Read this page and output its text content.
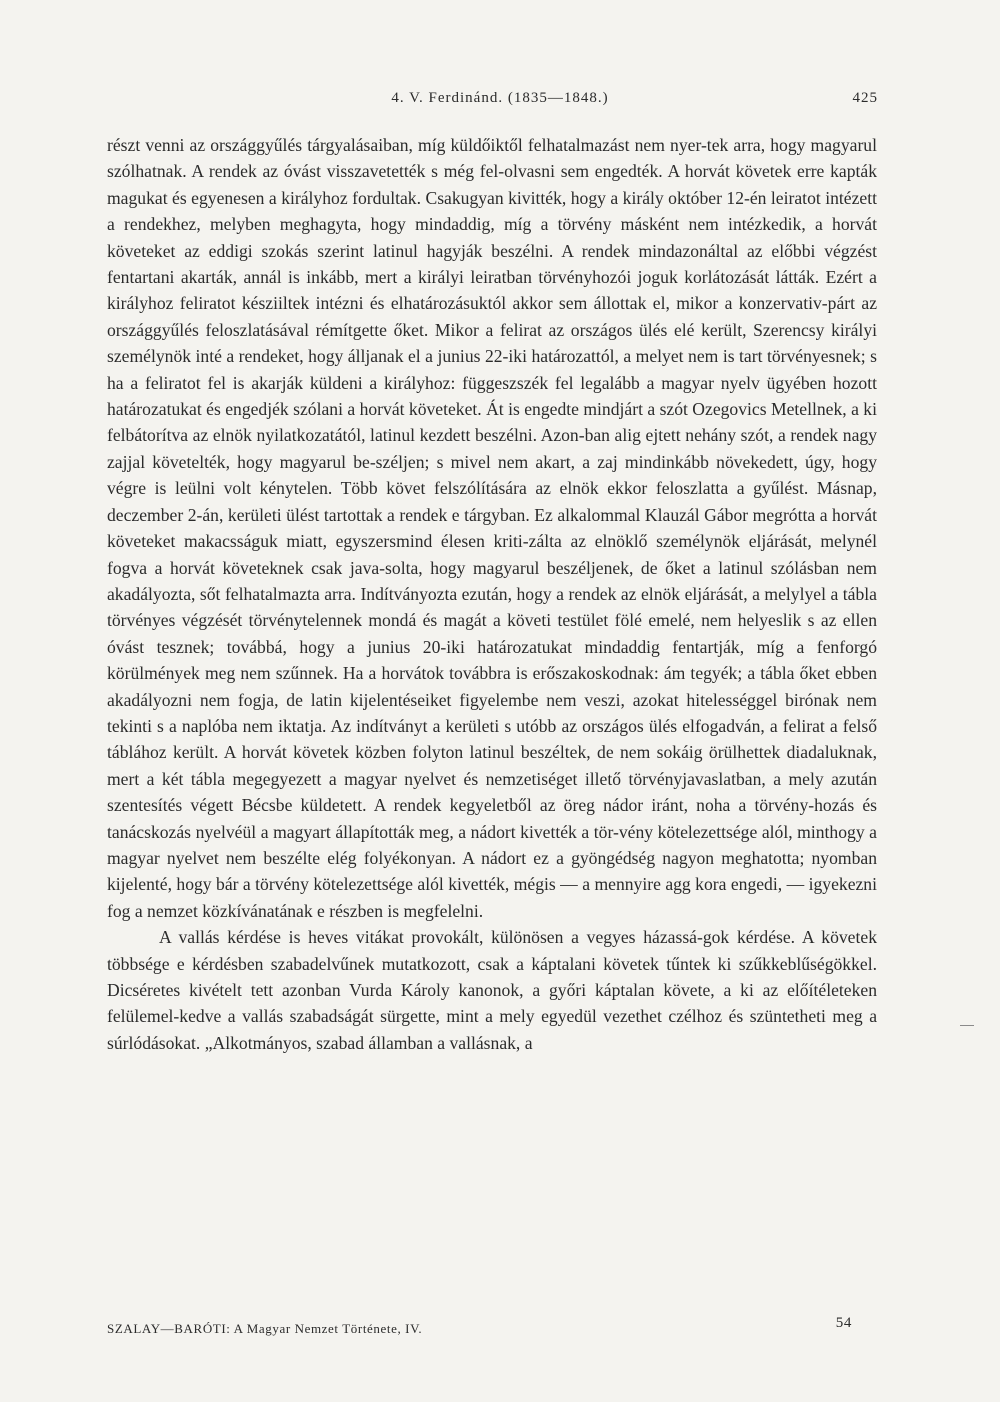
4. V. Ferdinánd. (1835—1848.)	425

részt venni az országgyűlés tárgyalásaiban, míg küldőiktől felhatalmazást nem nyer-tek arra, hogy magyarul szólhatnak. A rendek az óvást visszavetették s még fel-olvasni sem engedték. A horvát követek erre kapták magukat és egyenesen a királyhoz fordultak. Csakugyan kivitték, hogy a király október 12-én leiratot intézett a rendekhez, melyben meghagyta, hogy mindaddig, míg a törvény másként nem intézkedik, a horvát követeket az eddigi szokás szerint latinul hagyják beszélni. A rendek mindazonáltal az előbbi végzést fentartani akarták, annál is inkább, mert a királyi leiratban törvényhozói joguk korlátozását látták. Ezért a királyhoz feliratot késziiltek intézni és elhatározásuktól akkor sem állottak el, mikor a konzervativ-párt az országgyűlés feloszlatásával rémítgette őket. Mikor a felirat az országos ülés elé került, Szerencsy királyi személynök inté a rendeket, hogy álljanak el a junius 22-iki határozattól, a melyet nem is tart törvényesnek; s ha a feliratot fel is akarják küldeni a királyhoz: függeszszék fel legalább a magyar nyelv ügyében hozott határozatukat és engedjék szólani a horvát követeket. Át is engedte mindjárt a szót Ozegovics Metellnek, a ki felbátorítva az elnök nyilatkozatától, latinul kezdett beszélni. Azon-ban alig ejtett nehány szót, a rendek nagy zajjal követelték, hogy magyarul be-széljen; s mivel nem akart, a zaj mindinkább növekedett, úgy, hogy végre is leülni volt kénytelen. Több követ felszólítására az elnök ekkor feloszlatta a gyűlést. Másnap, deczember 2-án, kerületi ülést tartottak a rendek e tárgyban. Ez alkalommal Klauzál Gábor megrótta a horvát követeket makacsságuk miatt, egyszersmind élesen kriti-zálta az elnöklő személynök eljárását, melynél fogva a horvát követeknek csak java-solta, hogy magyarul beszéljenek, de őket a latinul szólásban nem akadályozta, sőt felhatalmazta arra. Indítványozta ezután, hogy a rendek az elnök eljárását, a melylyel a tábla törvényes végzését törvénytelennek mondá és magát a követi testület fölé emelé, nem helyeslik s az ellen óvást tesznek; továbbá, hogy a junius 20-iki határozatukat mindaddig fentartják, míg a fenforgó körülmények meg nem szűnnek. Ha a horvátok továbbra is erőszakoskodnak: ám tegyék; a tábla őket ebben akadályozni nem fogja, de latin kijelentéseiket figyelembe nem veszi, azokat hitelességgel birónak nem tekinti s a naplóba nem iktatja. Az indítványt a kerületi s utóbb az országos ülés elfogadván, a felirat a felső táblához került. A horvát követek közben folyton latinul beszéltek, de nem sokáig örülhettek diadaluknak, mert a két tábla megegyezett a magyar nyelvet és nemzetiséget illető törvényjavaslatban, a mely azután szentesítés végett Bécsbe küldetett. A rendek kegyeletből az öreg nádor iránt, noha a törvény-hozás és tanácskozás nyelvéül a magyart állapították meg, a nádort kivették a tör-vény kötelezettsége alól, minthogy a magyar nyelvet nem beszélte elég folyékonyan. A nádort ez a gyöngédség nagyon meghatotta; nyomban kijelenté, hogy bár a törvény kötelezettsége alól kivették, mégis — a mennyire agg kora engedi, — igyekezni fog a nemzet közkívánatának e részben is megfelelni.

A vallás kérdése is heves vitákat provokált, különösen a vegyes házassá-gok kérdése. A követek többsége e kérdésben szabadelvűnek mutatkozott, csak a káptalani követek tűntek ki szűkkeblűségökkel. Dicséretes kivételt tett azonban Vurda Károly kanonok, a győri káptalan követe, a ki az előítéleteken felülemel-kedve a vallás szabadságát sürgette, mint a mely egyedül vezethet czélhoz és szüntetheti meg a súrlódásokat. „Alkotmányos, szabad államban a vallásnak, a

SZALAY—BARÓTI: A Magyar Nemzet Története, IV.	54
